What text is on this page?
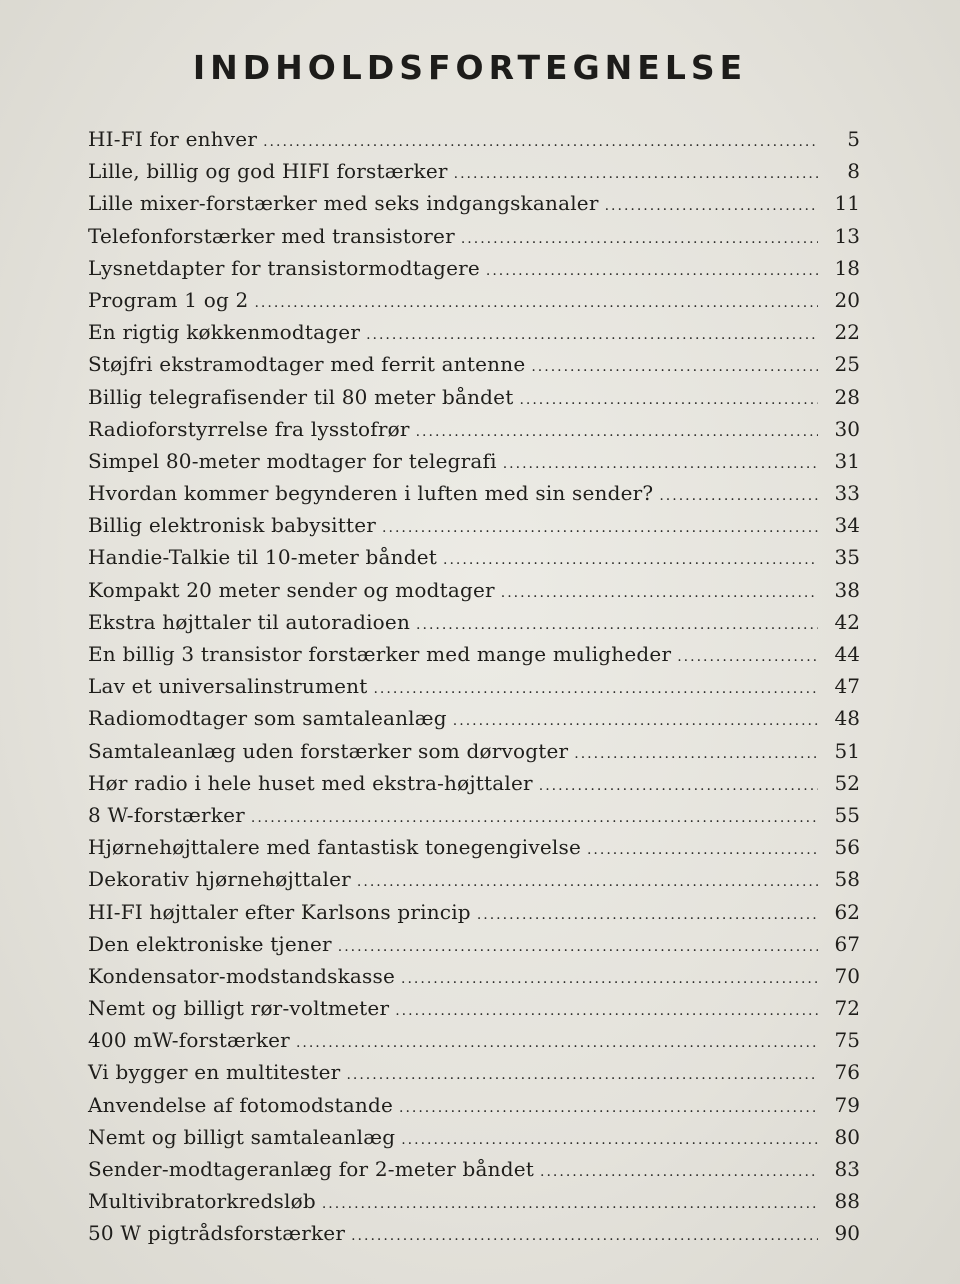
INDHOLDSFORTEGNELSE
HI-FI for enhver .....	5
Lille, billig og god HIFI forstærker .....	8
Lille mixer-forstærker med seks indgangskanaler .....	11
Telefonforstærker med transistorer .....	13
Lysnetdapter for transistormodtagere .....	18
Program 1 og 2 .....	20
En rigtig køkkenmodtager .....	22
Støjfri ekstramodtager med ferrit antenne .....	25
Billig telegrafisender til 80 meter båndet .....	28
Radioforstyrrelse fra lysstofrør .....	30
Simpel 80-meter modtager for telegrafi .....	31
Hvordan kommer begynderen i luften med sin sender? .....	33
Billig elektronisk babysitter .....	34
Handie-Talkie til 10-meter båndet .....	35
Kompakt 20 meter sender og modtager .....	38
Ekstra højttaler til autoradioen .....	42
En billig 3 transistor forstærker med mange muligheder .....	44
Lav et universalinstrument .....	47
Radiomodtager som samtaleanlæg .....	48
Samtaleanlæg uden forstærker som dørvogter .....	51
Hør radio i hele huset med ekstra-højttaler .....	52
8 W-forstærker .....	55
Hjørnehøjttalere med fantastisk tonegengivelse .....	56
Dekorativ hjørnehøjttaler .....	58
HI-FI højttaler efter Karlsons princip .....	62
Den elektroniske tjener .....	67
Kondensator-modstandskasse .....	70
Nemt og billigt rør-voltmeter .....	72
400 mW-forstærker .....	75
Vi bygger en multitester .....	76
Anvendelse af fotomodstande .....	79
Nemt og billigt samtaleanlæg .....	80
Sender-modtageranlæg for 2-meter båndet .....	83
Multivibratorkredsløb .....	88
50 W pigtrådsforstærker .....	90
